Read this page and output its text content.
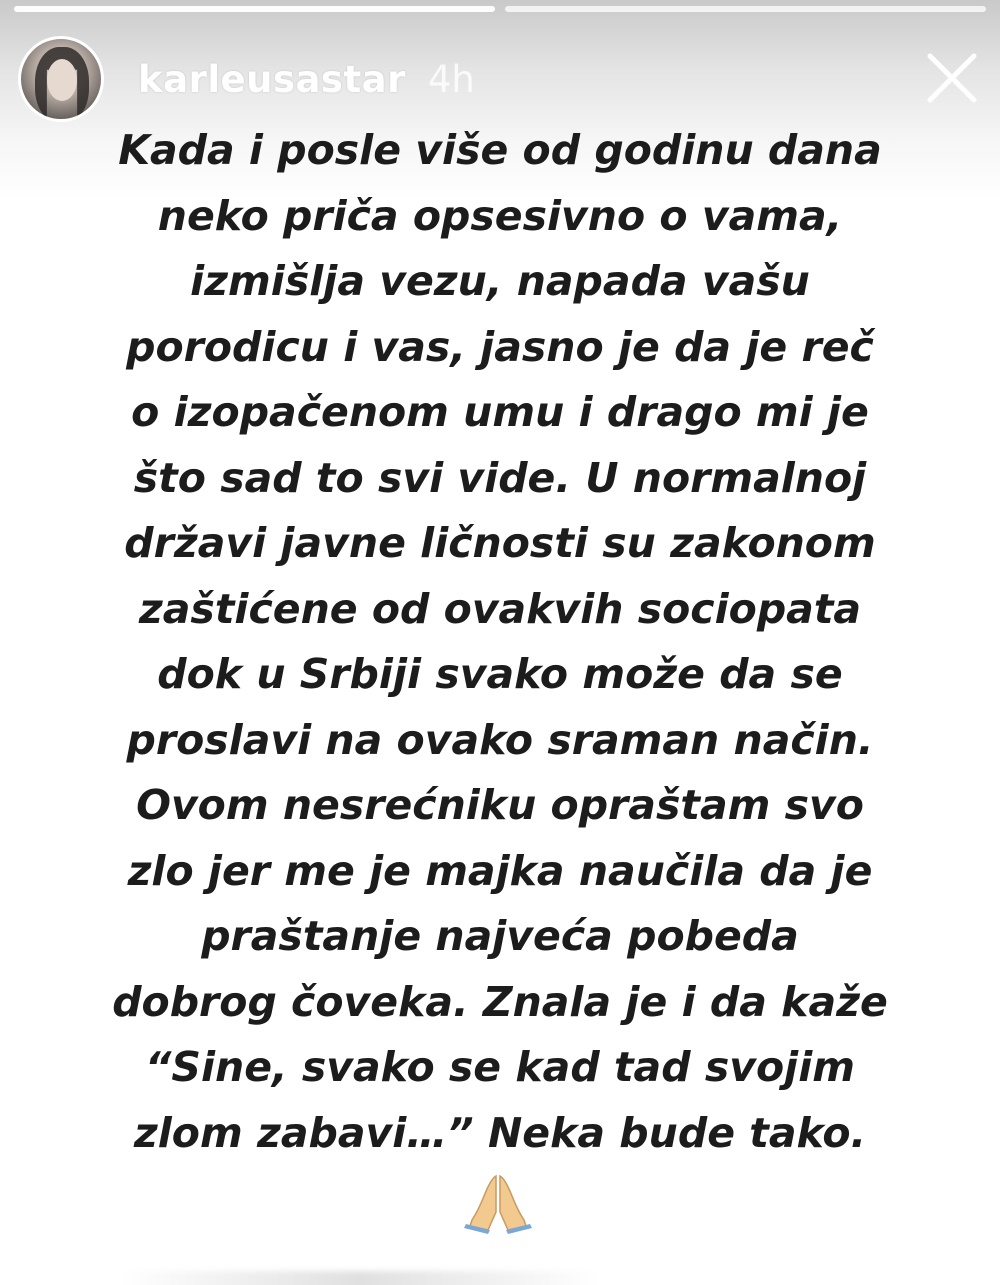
karleusastar 4h

Kada i posle više od godinu dana
neko priča opsesivno o vama,
izmišlja vezu, napada vašu
porodicu i vas, jasno je da je reč
o izopačenom umu i drago mi je
što sad to svi vide. U normalnoj
državi javne ličnosti su zakonom
zaštićene od ovakvih sociopata
dok u Srbiji svako može da se
proslavi na ovako sraman način.
Ovom nesrećniku opraštam svo
zlo jer me je majka naučila da je
praštanje najveća pobeda
dobrog čoveka. Znala je i da kaže
“Sine, svako se kad tad svojim
zlom zabavi…” Neka bude tako.
